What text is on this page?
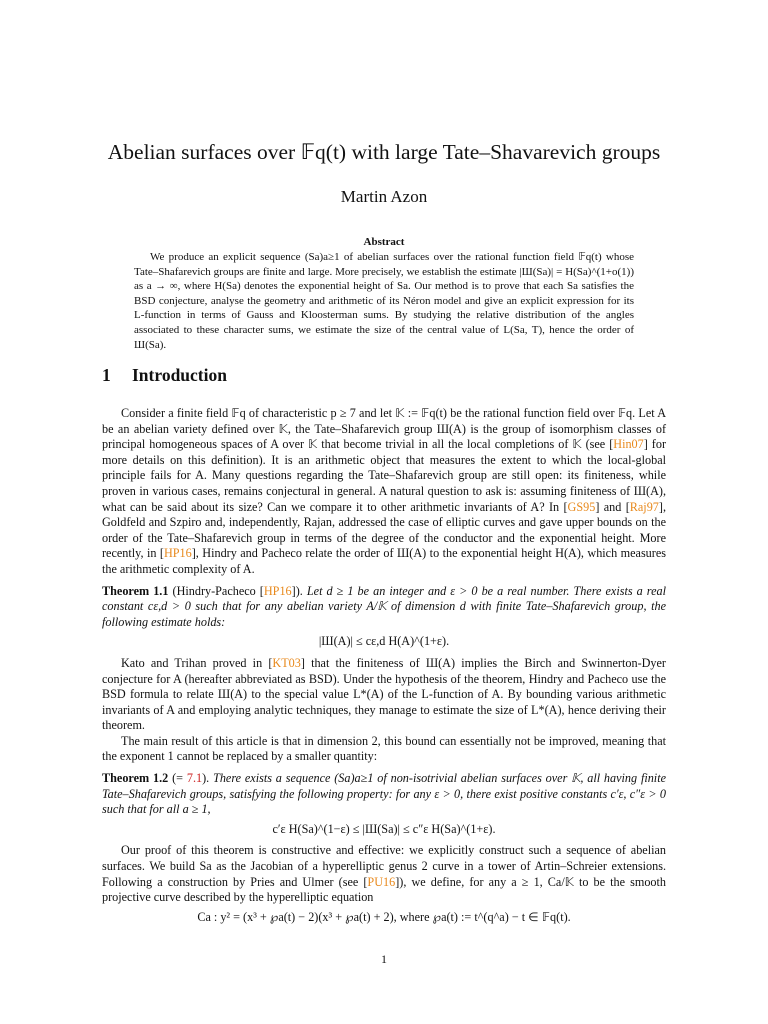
Abelian surfaces over 𝔽q(t) with large Tate–Shavarevich groups
Martin Azon
Abstract

We produce an explicit sequence (Sa)a≥1 of abelian surfaces over the rational function field 𝔽q(t) whose Tate–Shafarevich groups are finite and large. More precisely, we establish the estimate |Ш(Sa)| = H(Sa)^(1+o(1)) as a → ∞, where H(Sa) denotes the exponential height of Sa. Our method is to prove that each Sa satisfies the BSD conjecture, analyse the geometry and arithmetic of its Néron model and give an explicit expression for its L-function in terms of Gauss and Kloosterman sums. By studying the relative distribution of the angles associated to these character sums, we estimate the size of the central value of L(Sa, T), hence the order of Ш(Sa).

1 Introduction

Consider a finite field 𝔽q of characteristic p ≥ 7 and let 𝕂 := 𝔽q(t) be the rational function field over 𝔽q. Let A be an abelian variety defined over 𝕂, the Tate–Shafarevich group Ш(A) is the group of isomorphism classes of principal homogeneous spaces of A over 𝕂 that become trivial in all the local completions of 𝕂 (see [Hin07] for more details on this definition). It is an arithmetic object that measures the extent to which the local-global principle fails for A. Many questions regarding the Tate–Shafarevich group are still open: its finiteness, while proven in various cases, remains conjectural in general. A natural question to ask is: assuming finiteness of Ш(A), what can be said about its size? Can we compare it to other arithmetic invariants of A? In [GS95] and [Raj97], Goldfeld and Szpiro and, independently, Rajan, addressed the case of elliptic curves and gave upper bounds on the order of the Tate–Shafarevich group in terms of the degree of the conductor and the exponential height. More recently, in [HP16], Hindry and Pacheco relate the order of Ш(A) to the exponential height H(A), which measures the arithmetic complexity of A.

Theorem 1.1 (Hindry-Pacheco [HP16]). Let d ≥ 1 be an integer and ε > 0 be a real number. There exists a real constant cε,d > 0 such that for any abelian variety A/𝕂 of dimension d with finite Tate–Shafarevich group, the following estimate holds:

|Ш(A)| ≤ cε,d H(A)^(1+ε).

Kato and Trihan proved in [KT03] that the finiteness of Ш(A) implies the Birch and Swinnerton-Dyer conjecture for A (hereafter abbreviated as BSD). Under the hypothesis of the theorem, Hindry and Pacheco use the BSD formula to relate Ш(A) to the special value L*(A) of the L-function of A. By bounding various arithmetic invariants of A and employing analytic techniques, they manage to estimate the size of L*(A), hence deriving their theorem.

The main result of this article is that in dimension 2, this bound can essentially not be improved, meaning that the exponent 1 cannot be replaced by a smaller quantity:

Theorem 1.2 (= 7.1). There exists a sequence (Sa)a≥1 of non-isotrivial abelian surfaces over 𝕂, all having finite Tate–Shafarevich groups, satisfying the following property: for any ε > 0, there exist positive constants c′ε, c″ε > 0 such that for all a ≥ 1,

c′ε H(Sa)^(1−ε) ≤ |Ш(Sa)| ≤ c″ε H(Sa)^(1+ε).

Our proof of this theorem is constructive and effective: we explicitly construct such a sequence of abelian surfaces. We build Sa as the Jacobian of a hyperelliptic genus 2 curve in a tower of Artin–Schreier extensions. Following a construction by Pries and Ulmer (see [PU16]), we define, for any a ≥ 1, Ca/𝕂 to be the smooth projective curve described by the hyperelliptic equation

Ca : y² = (x³ + ℘a(t) − 2)(x³ + ℘a(t) + 2), where ℘a(t) := t^(q^a) − t ∈ 𝔽q(t).

1
